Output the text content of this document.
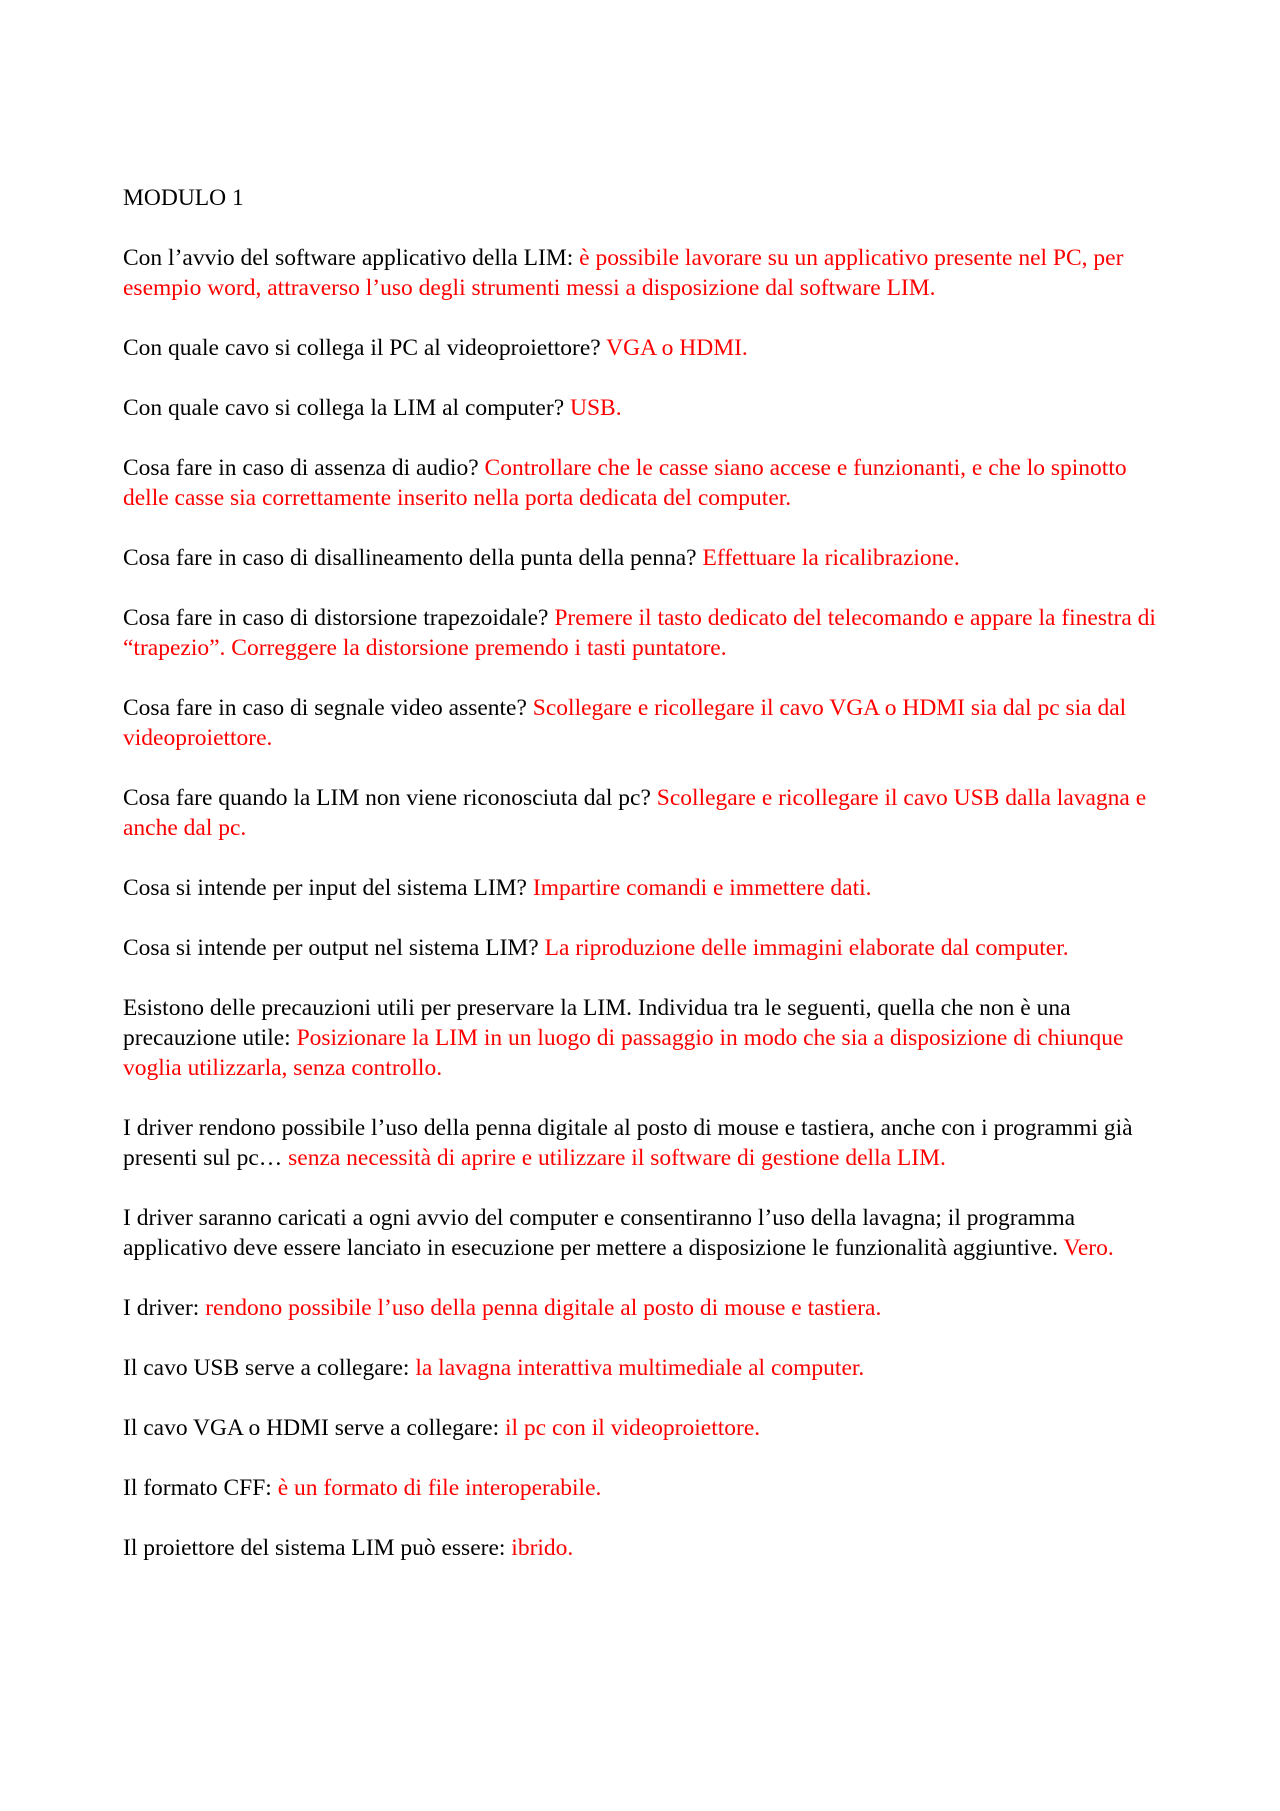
MODULO 1

Con l’avvio del software applicativo della LIM: è possibile lavorare su un applicativo presente nel PC, per esempio word, attraverso l’uso degli strumenti messi a disposizione dal software LIM.

Con quale cavo si collega il PC al videoproiettore? VGA o HDMI.

Con quale cavo si collega la LIM al computer? USB.

Cosa fare in caso di assenza di audio? Controllare che le casse siano accese e funzionanti, e che lo spinotto delle casse sia correttamente inserito nella porta dedicata del computer.

Cosa fare in caso di disallineamento della punta della penna? Effettuare la ricalibrazione.

Cosa fare in caso di distorsione trapezoidale? Premere il tasto dedicato del telecomando e appare la finestra di “trapezio”. Correggere la distorsione premendo i tasti puntatore.

Cosa fare in caso di segnale video assente? Scollegare e ricollegare il cavo VGA o HDMI sia dal pc sia dal videoproiettore.

Cosa fare quando la LIM non viene riconosciuta dal pc? Scollegare e ricollegare il cavo USB dalla lavagna e anche dal pc.

Cosa si intende per input del sistema LIM? Impartire comandi e immettere dati.

Cosa si intende per output nel sistema LIM? La riproduzione delle immagini elaborate dal computer.

Esistono delle precauzioni utili per preservare la LIM. Individua tra le seguenti, quella che non è una precauzione utile: Posizionare la LIM in un luogo di passaggio in modo che sia a disposizione di chiunque voglia utilizzarla, senza controllo.

I driver rendono possibile l’uso della penna digitale al posto di mouse e tastiera, anche con i programmi già presenti sul pc… senza necessità di aprire e utilizzare il software di gestione della LIM.

I driver saranno caricati a ogni avvio del computer e consentiranno l’uso della lavagna; il programma applicativo deve essere lanciato in esecuzione per mettere a disposizione le funzionalità aggiuntive. Vero.

I driver: rendono possibile l’uso della penna digitale al posto di mouse e tastiera.

Il cavo USB serve a collegare: la lavagna interattiva multimediale al computer.

Il cavo VGA o HDMI serve a collegare: il pc con il videoproiettore.

Il formato CFF: è un formato di file interoperabile.

Il proiettore del sistema LIM può essere: ibrido.
